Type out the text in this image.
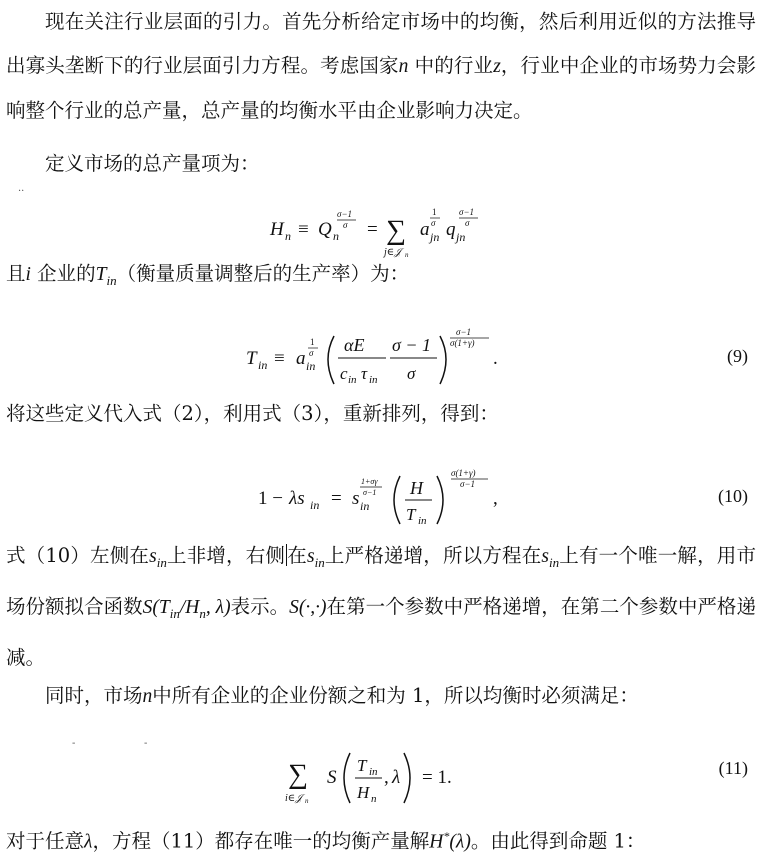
现在关注行业层面的引力。首先分析给定市场中的均衡，然后利用近似的方法推导出寡头垄断下的行业层面引力方程。考虑国家n 中的行业z，行业中企业的市场势力会影响整个行业的总产量，总产量的均衡水平由企业影响力决定。
定义市场的总产量项为：
··
H n ≡ Q n
σ−1
σ = ∑
j∈𝒥 n
a jn
1
σ q jn
σ−1
σ
且i 企业的$T_{in}$（衡量质量调整后的生产率）为：
T in ≡ a in
1
σ αE
c in τ in
σ − 1
σ
σ−1
σ(1+γ)
.	(9)
将这些定义代入式（2），利用式（3），重新排列，得到：
1 − λs in = s in
1+σγ
σ−1 H
T in
σ(1+γ)
σ−1
,	(10)
式（10）左侧在$s_{in}$上非增，右侧 在$s_{in}$上严格递增，所以方程在$s_{in}$上有一个唯一解，用市场份额拟合函数$S(T_{in}/H_n$, λ)表示。S(·,·)在第一个参数中严格递增，在第二个参数中严格递减。
同时，市场n中所有企业的企业份额之和为 1，所以均衡时必须满足：
-	-
∑
i∈𝒥 n
S
T in
H n
, λ = 1.	(11)
对于任意λ，方程（11）都存在唯一的均衡产量解H*(λ)。由此得到命题 1：
